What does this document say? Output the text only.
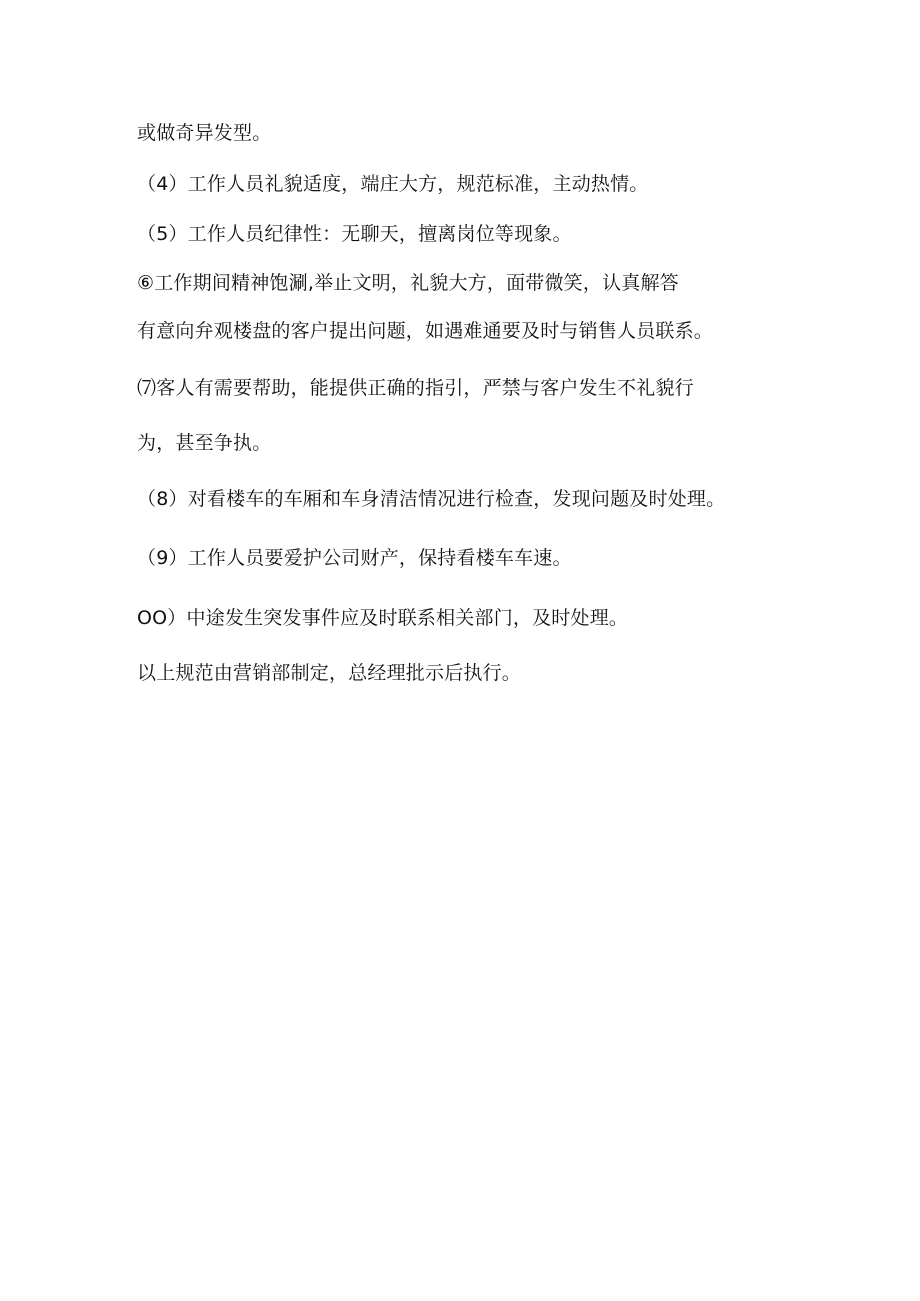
或做奇异发型。
（4）工作人员礼貌适度，端庄大方，规范标准，主动热情。
（5）工作人员纪律性：无聊天，擅离岗位等现象。
⑥工作期间精神饱涮,举止文明，礼貌大方，面带微笑，认真解答
有意向弁观楼盘的客户提出问题，如遇难通要及时与销售人员联系。
⑺客人有需要帮助，能提供正确的指引，严禁与客户发生不礼貌行
为，甚至争执。
（8）对看楼车的车厢和车身清洁情况进行检查，发现问题及时处理。
（9）工作人员要爱护公司财产，保持看楼车车速。
OO）中途发生突发事件应及时联系相关部门，及时处理。
以上规范由营销部制定，总经理批示后执行。
